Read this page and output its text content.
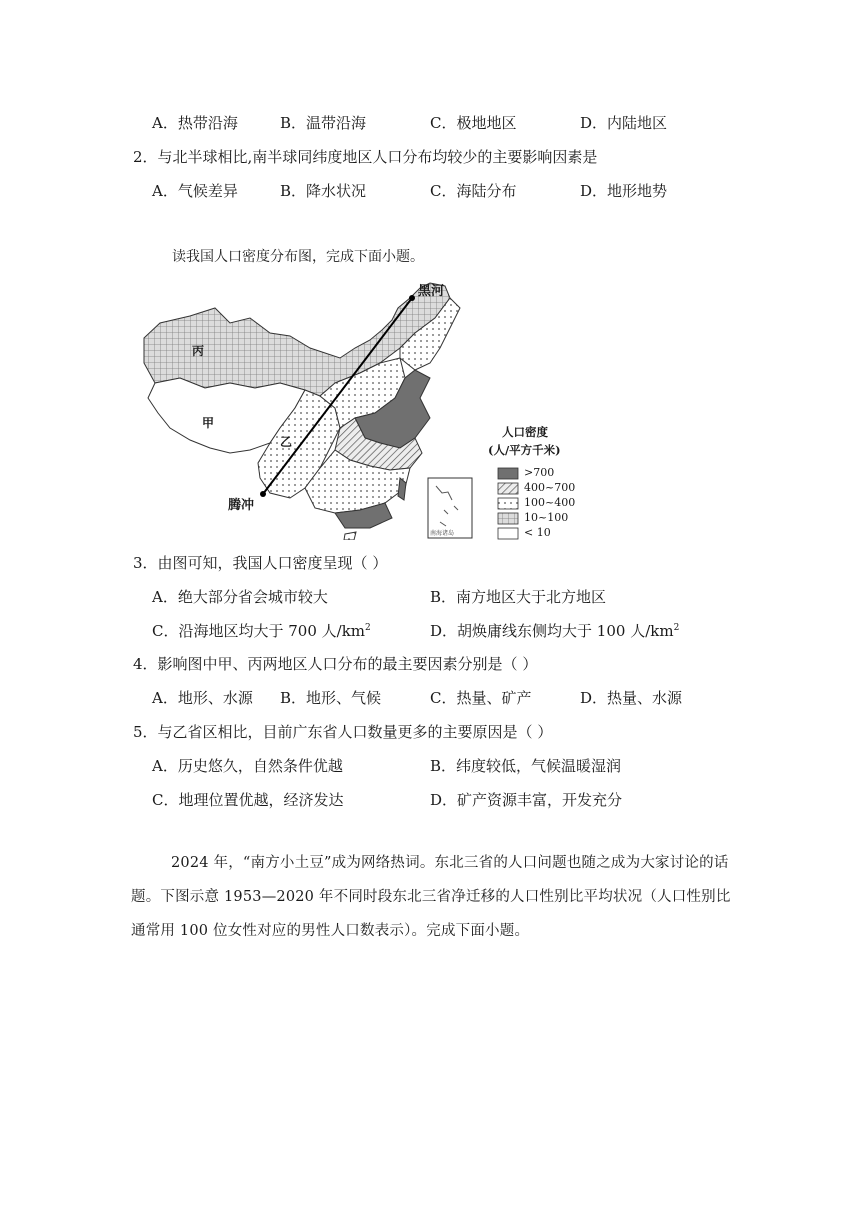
A．热带沿海	B．温带沿海	C．极地地区	D．内陆地区
2．与北半球相比,南半球同纬度地区人口分布均较少的主要影响因素是
A．气候差异	B．降水状况	C．海陆分布	D．地形地势
读我国人口密度分布图，完成下面小题。
黑河
腾冲
丙
甲
乙
人口密度
(人/平方千米)
>700
400~700
100~400
10~100
< 10
南海诸岛
3．由图可知，我国人口密度呈现（ ）
A．绝大部分省会城市较大	B．南方地区大于北方地区
C．沿海地区均大于 700 人$/km^2$	D．胡焕庸线东侧均大于 100 人$/km^2$
4．影响图中甲、丙两地区人口分布的最主要因素分别是（ ）
A．地形、水源 B．地形、气候	C．热量、矿产	D．热量、水源
5．与乙省区相比，目前广东省人口数量更多的主要原因是（ ）
A．历史悠久，自然条件优越	B．纬度较低，气候温暖湿润
C．地理位置优越，经济发达	D．矿产资源丰富，开发充分
2024 年，“南方小土豆”成为网络热词。东北三省的人口问题也随之成为大家讨论的话题。下图示意 1953—2020 年不同时段东北三省净迁移的人口性别比平均状况（人口性别比通常用 100 位女性对应的男性人口数表示）。完成下面小题。
